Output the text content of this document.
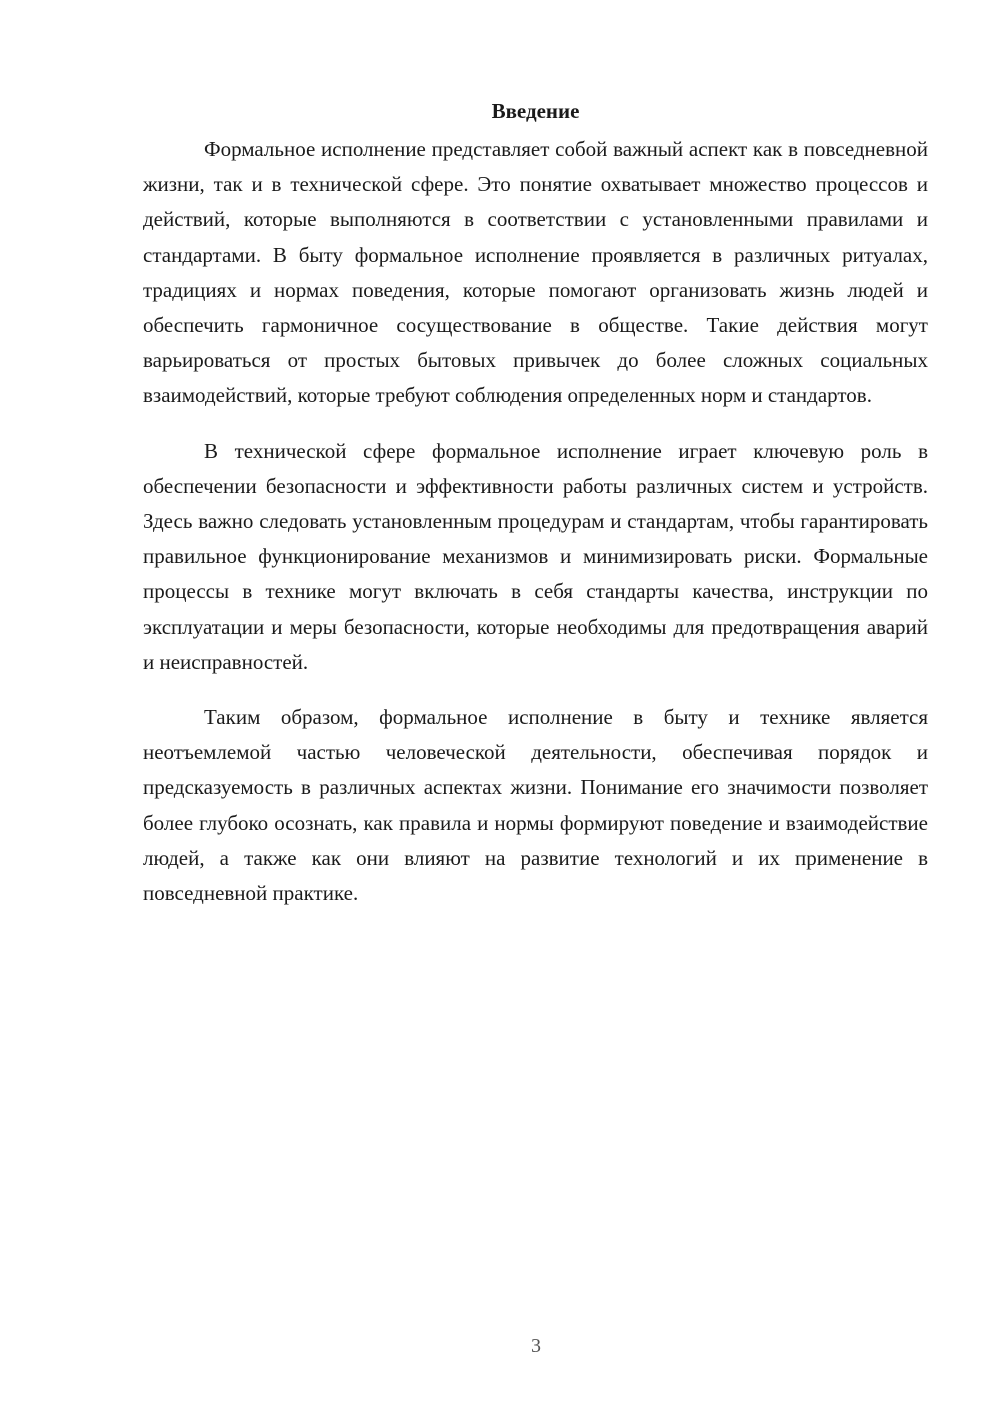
Введение

Формальное исполнение представляет собой важный аспект как в повседневной жизни, так и в технической сфере. Это понятие охватывает множество процессов и действий, которые выполняются в соответствии с установленными правилами и стандартами. В быту формальное исполнение проявляется в различных ритуалах, традициях и нормах поведения, которые помогают организовать жизнь людей и обеспечить гармоничное сосуществование в обществе. Такие действия могут варьироваться от простых бытовых привычек до более сложных социальных взаимодействий, которые требуют соблюдения определенных норм и стандартов.

В технической сфере формальное исполнение играет ключевую роль в обеспечении безопасности и эффективности работы различных систем и устройств. Здесь важно следовать установленным процедурам и стандартам, чтобы гарантировать правильное функционирование механизмов и минимизировать риски. Формальные процессы в технике могут включать в себя стандарты качества, инструкции по эксплуатации и меры безопасности, которые необходимы для предотвращения аварий и неисправностей.

Таким образом, формальное исполнение в быту и технике является неотъемлемой частью человеческой деятельности, обеспечивая порядок и предсказуемость в различных аспектах жизни. Понимание его значимости позволяет более глубоко осознать, как правила и нормы формируют поведение и взаимодействие людей, а также как они влияют на развитие технологий и их применение в повседневной практике.

3
